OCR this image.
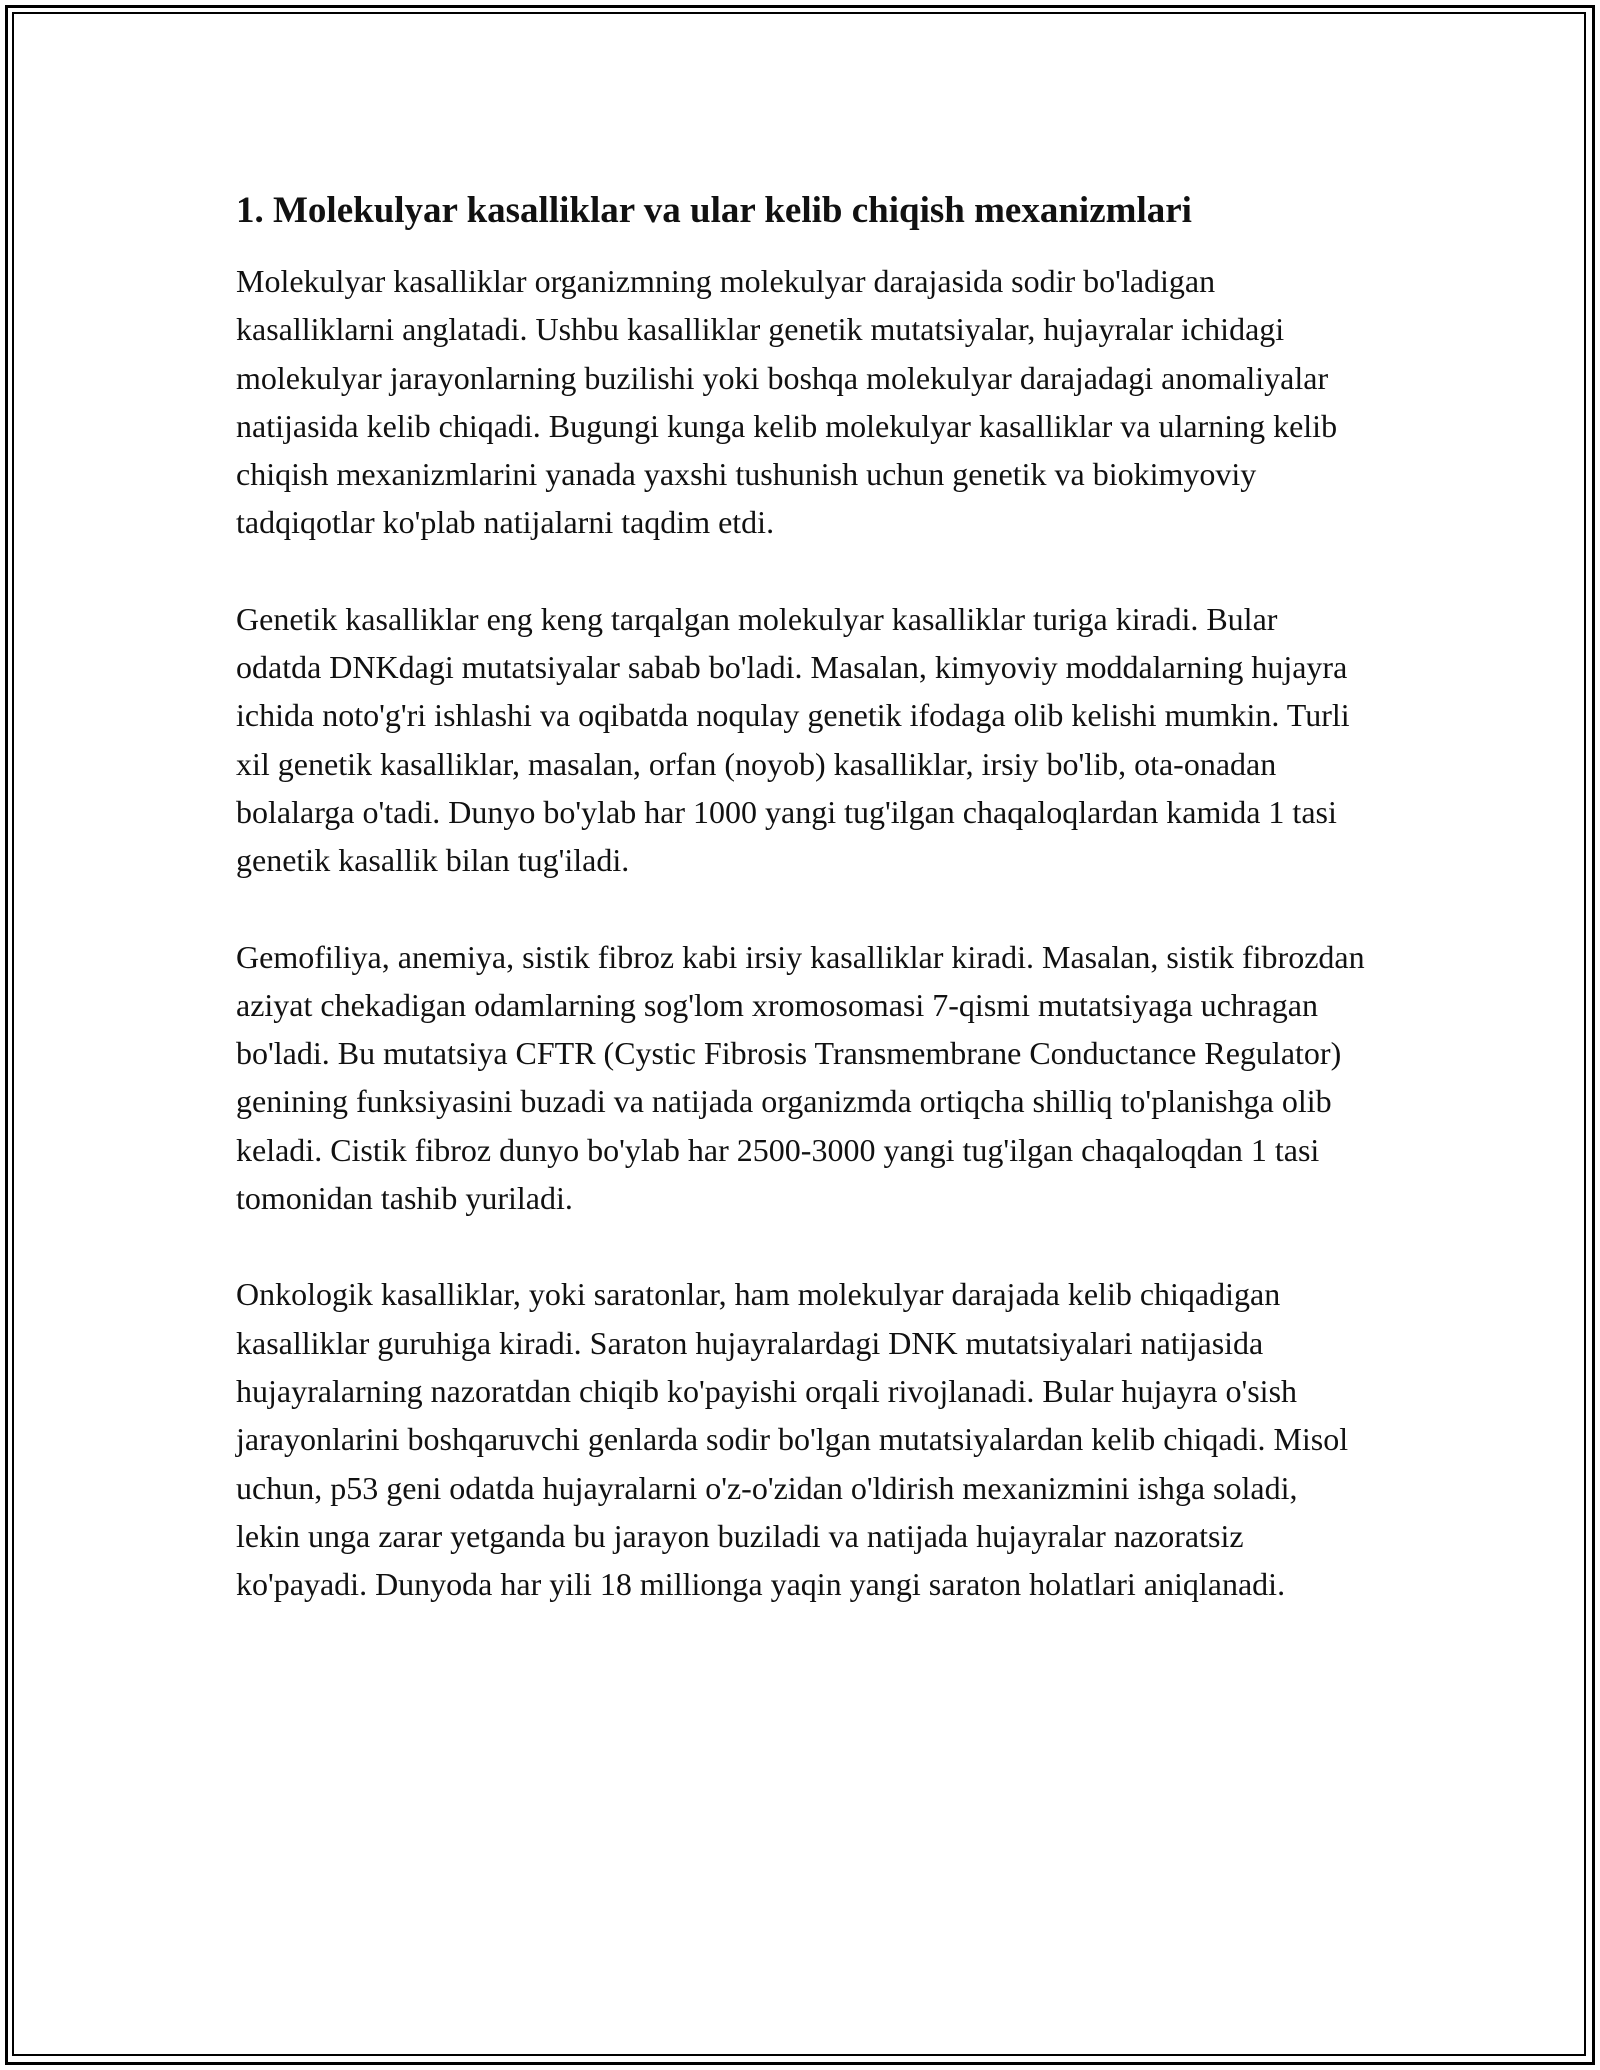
1. Molekulyar kasalliklar va ular kelib chiqish mexanizmlari

Molekulyar kasalliklar organizmning molekulyar darajasida sodir bo'ladigan kasalliklarni anglatadi. Ushbu kasalliklar genetik mutatsiyalar, hujayralar ichidagi molekulyar jarayonlarning buzilishi yoki boshqa molekulyar darajadagi anomaliyalar natijasida kelib chiqadi. Bugungi kunga kelib molekulyar kasalliklar va ularning kelib chiqish mexanizmlarini yanada yaxshi tushunish uchun genetik va biokimyoviy tadqiqotlar ko'plab natijalarni taqdim etdi.

Genetik kasalliklar eng keng tarqalgan molekulyar kasalliklar turiga kiradi. Bular odatda DNKdagi mutatsiyalar sabab bo'ladi. Masalan, kimyoviy moddalarning hujayra ichida noto'g'ri ishlashi va oqibatda noqulay genetik ifodaga olib kelishi mumkin. Turli xil genetik kasalliklar, masalan, orfan (noyob) kasalliklar, irsiy bo'lib, ota-onadan bolalarga o'tadi. Dunyo bo'ylab har 1000 yangi tug'ilgan chaqaloqlardan kamida 1 tasi genetik kasallik bilan tug'iladi.

Gemofiliya, anemiya, sistik fibroz kabi irsiy kasalliklar kiradi. Masalan, sistik fibrozdan aziyat chekadigan odamlarning sog'lom xromosomasi 7-qismi mutatsiyaga uchragan bo'ladi. Bu mutatsiya CFTR (Cystic Fibrosis Transmembrane Conductance Regulator) genining funksiyasini buzadi va natijada organizmda ortiqcha shilliq to'planishga olib keladi. Cistik fibroz dunyo bo'ylab har 2500-3000 yangi tug'ilgan chaqaloqdan 1 tasi tomonidan tashib yuriladi.

Onkologik kasalliklar, yoki saratonlar, ham molekulyar darajada kelib chiqadigan kasalliklar guruhiga kiradi. Saraton hujayralardagi DNK mutatsiyalari natijasida hujayralarning nazoratdan chiqib ko'payishi orqali rivojlanadi. Bular hujayra o'sish jarayonlarini boshqaruvchi genlarda sodir bo'lgan mutatsiyalardan kelib chiqadi. Misol uchun, p53 geni odatda hujayralarni o'z-o'zidan o'ldirish mexanizmini ishga soladi, lekin unga zarar yetganda bu jarayon buziladi va natijada hujayralar nazoratsiz ko'payadi. Dunyoda har yili 18 millionga yaqin yangi saraton holatlari aniqlanadi.
